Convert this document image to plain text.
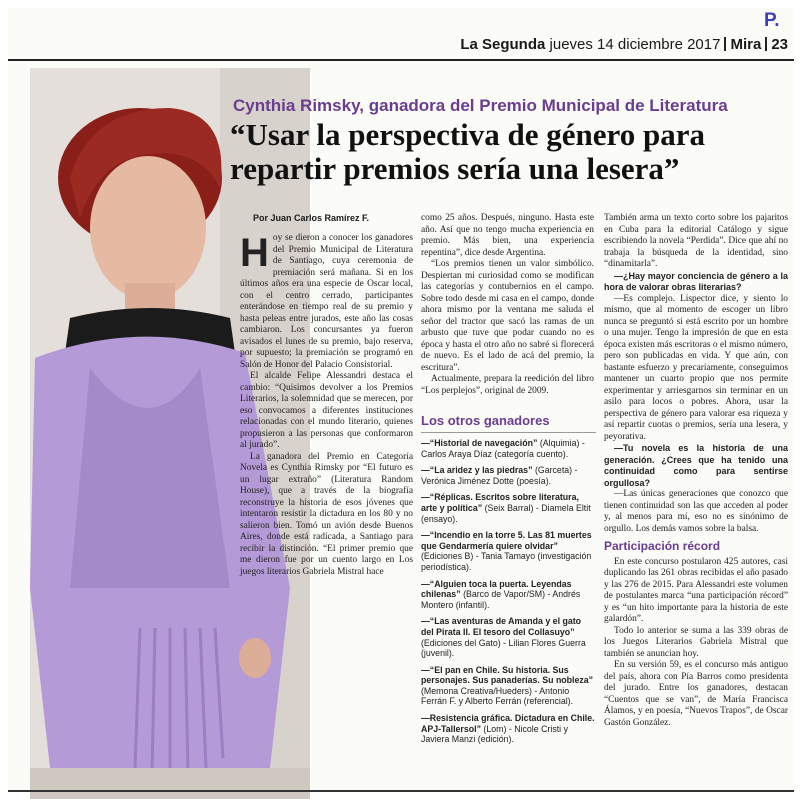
P.
La Segunda jueves 14 diciembre 2017 Mira 23
Cynthia Rimsky, ganadora del Premio Municipal de Literatura
“Usar la perspectiva de género para repartir premios sería una lesera”
Por Juan Carlos Ramírez F.
H oy se dieron a conocer los ganadores del Premio Municipal de Literatura de Santiago, cuya ceremonia de premiación será mañana. Si en los últimos años era una especie de Oscar local, con el centro cerrado, participantes enterándose en tiempo real de su premio y hasta peleas entre jurados, este año las cosas cambiaron. Los concursantes ya fueron avisados el lunes de su premio, bajo reserva, por supuesto; la premiación se programó en Salón de Honor del Palacio Consistorial.

El alcalde Felipe Alessandri destaca el cambio: “Quisimos devolver a los Premios Literarios, la solemnidad que se merecen, por eso convocamos a diferentes instituciones relacionadas con el mundo literario, quienes propusieron a las personas que conformaron al jurado”.

La ganadora del Premio en Categoría Novela es Cynthia Rimsky por “El futuro es un lugar extraño” (Literatura Random House), que a través de la biografía reconstruye la historia de esos jóvenes que intentaron resistir la dictadura en los 80 y no salieron bien. Tomó un avión desde Buenos Aires, donde está radicada, a Santiago para recibir la distinción. “El primer premio que me dieron fue por un cuento largo en Los juegos literarios Gabriela Mistral hace

como 25 años. Después, ninguno. Hasta este año. Así que no tengo mucha experiencia en premio. Más bien, una experiencia repentina”, dice desde Argentina.

“Los premios tienen un valor simbólico. Despiertan mi curiosidad como se modifican las categorías y contubernios en el campo. Sobre todo desde mi casa en el campo, donde ahora mismo por la ventana me saluda el señor del tractor que sacó las ramas de un arbusto que tuve que podar cuando no es época y hasta el otro año no sabré si florecerá de nuevo. Es el lado de acá del premio, la escritura”.

Actualmente, prepara la reedición del libro “Los perplejos”, original de 2009.

Los otros ganadores
—“Historial de navegación” (Alquimia) - Carlos Araya Díaz (categoría cuento).
—“La aridez y las piedras” (Garceta) - Verónica Jiménez Dotte (poesía).
—“Réplicas. Escritos sobre literatura, arte y política” (Seix Barral) - Diamela Eltit (ensayo).
—“Incendio en la torre 5. Las 81 muertes que Gendarmería quiere olvidar” (Ediciones B) - Tania Tamayo (investigación periodística).
—“Alguien toca la puerta. Leyendas chilenas” (Barco de Vapor/SM) - Andrés Montero (infantil).
—“Las aventuras de Amanda y el gato del Pirata II. El tesoro del Collasuyo” (Ediciones del Gato) - Lilian Flores Guerra (juvenil).
—“El pan en Chile. Su historia. Sus personajes. Sus panaderías. Su nobleza” (Memona Creativa/Hueders) - Antonio Ferrán F. y Alberto Ferrán (referencial).
—Resistencia gráfica. Dictadura en Chile. APJ-Tallersol” (Lom) - Nicole Cristi y Javiera Manzi (edición).

También arma un texto corto sobre los pajaritos en Cuba para la editorial Catálogo y sigue escribiendo la novela “Perdida”. Dice que ahí no trabaja la búsqueda de la identidad, sino “dinamitarla”.

—¿Hay mayor conciencia de género a la hora de valorar obras literarias?

—Es complejo. Lispector dice, y siento lo mismo, que al momento de escoger un libro nunca se preguntó si está escrito por un hombre o una mujer. Tengo la impresión de que en esta época existen más escritoras o el mismo número, pero son publicadas en vida. Y que aún, con bastante esfuerzo y precariamente, conseguimos mantener un cuarto propio que nos permite experimentar y arriesgarnos sin terminar en un asilo para locos o pobres. Ahora, usar la perspectiva de género para valorar esa riqueza y así repartir cuotas o premios, sería una lesera, y peyorativa.

—Tu novela es la historia de una generación. ¿Crees que ha tenido una continuidad como para sentirse orgullosa?

—Las únicas generaciones que conozco que tienen continuidad son las que acceden al poder y, al menos para mí, eso no es sinónimo de orgullo. Los demás vamos sobre la balsa.

Participación récord

En este concurso postularon 425 autores, casi duplicando las 261 obras recibidas el año pasado y las 276 de 2015. Para Alessandri este volumen de postulantes marca “una participación récord” y es “un hito importante para la historia de este galardón”.

Todo lo anterior se suma a las 339 obras de los Juegos Literarios Gabriela Mistral que también se anuncian hoy.

En su versión 59, es el concurso más antiguo del país, ahora con Pía Barros como presidenta del jurado. Entre los ganadores, destacan “Cuentos que se van”, de María Francisca Álamos, y en poesía, “Nuevos Trapos”, de Oscar Gastón González.
